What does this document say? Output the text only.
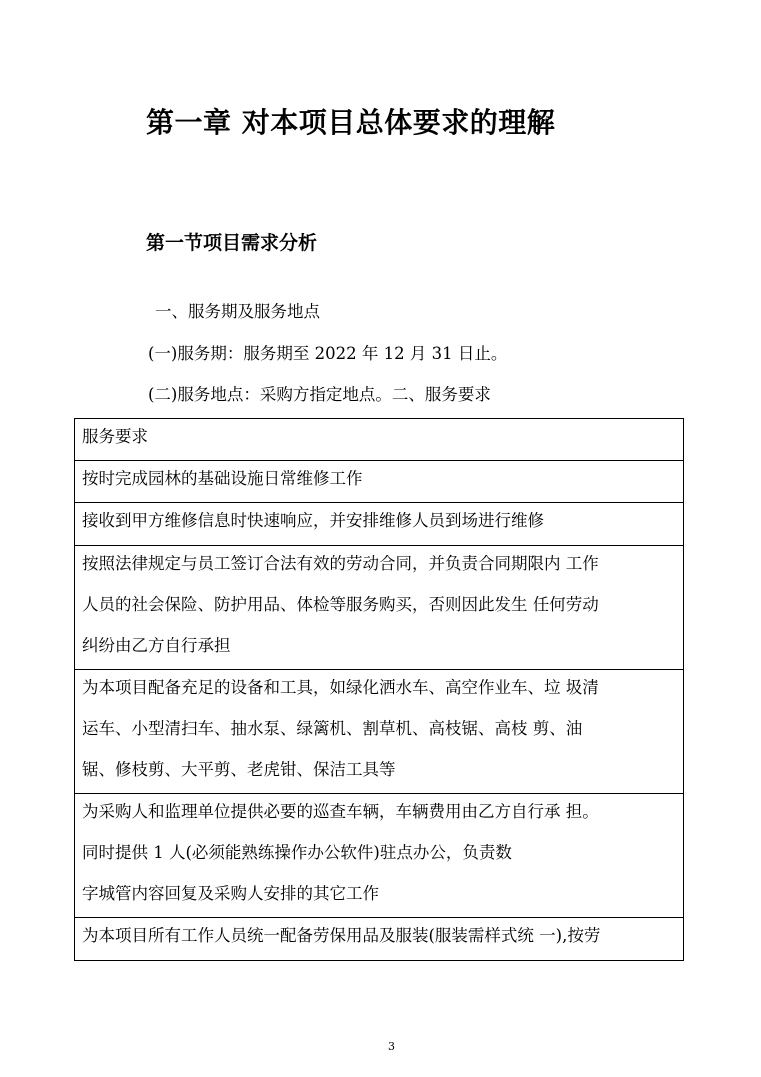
第一章 对本项目总体要求的理解
第一节项目需求分析
一、服务期及服务地点
(一)服务期：服务期至 2022 年 12 月 31 日止。
(二)服务地点：采购方指定地点。二、服务要求
服务要求

按时完成园林的基础设施日常维修工作

接收到甲方维修信息时快速响应，并安排维修人员到场进行维修

按照法律规定与员工签订合法有效的劳动合同，并负责合同期限内 工作
人员的社会保险、防护用品、体检等服务购买，否则因此发生 任何劳动
纠纷由乙方自行承担

为本项目配备充足的设备和工具，如绿化洒水车、高空作业车、垃 圾清
运车、小型清扫车、抽水泵、绿篱机、割草机、高枝锯、高枝 剪、油
锯、修枝剪、大平剪、老虎钳、保洁工具等

为采购人和监理单位提供必要的巡查车辆，车辆费用由乙方自行承 担。
同时提供 1 人(必须能熟练操作办公软件)驻点办公，负责数
字城管内容回复及采购人安排的其它工作

为本项目所有工作人员统一配备劳保用品及服装(服装需样式统 一),按劳
3
